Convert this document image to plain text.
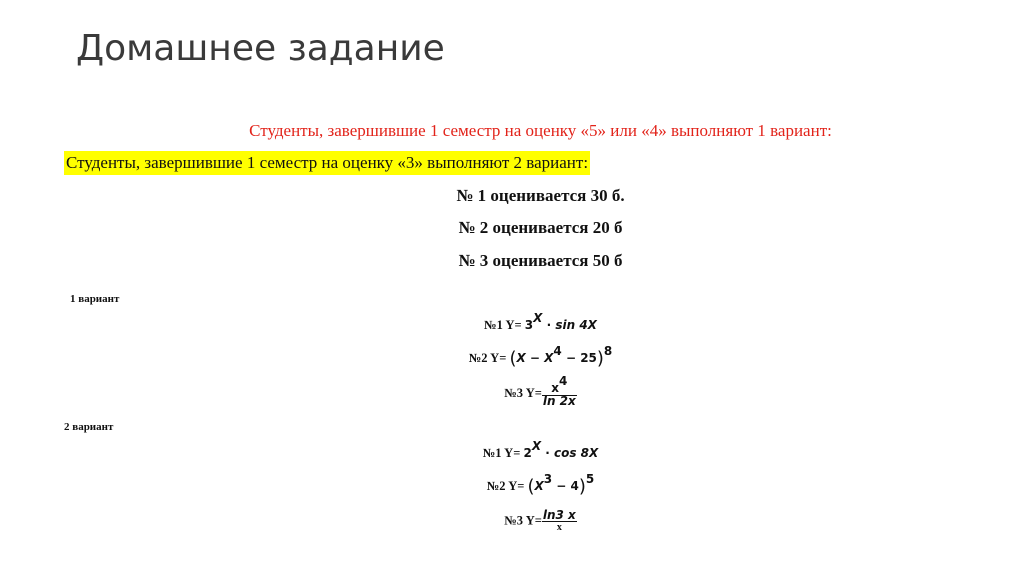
Домашнее задание
Студенты, завершившие 1 семестр на оценку «5» или «4» выполняют 1 вариант:
Студенты, завершившие 1 семестр на оценку «3» выполняют 2 вариант:
№ 1 оценивается 30 б.
№ 2 оценивается 20 б
№ 3 оценивается 50 б
1 вариант
№1 $Y= 3^X \cdot \sin 4X$
№2 $Y= (X - X^4 - 25)^8$
№3 $Y= \frac{x^4}{\ln 2x}$
2 вариант
№1 $Y= 2^X \cdot \cos 8X$
№2 $Y= (X^3 - 4)^5$
№3 $Y= \frac{\ln 3 x}{x}$
